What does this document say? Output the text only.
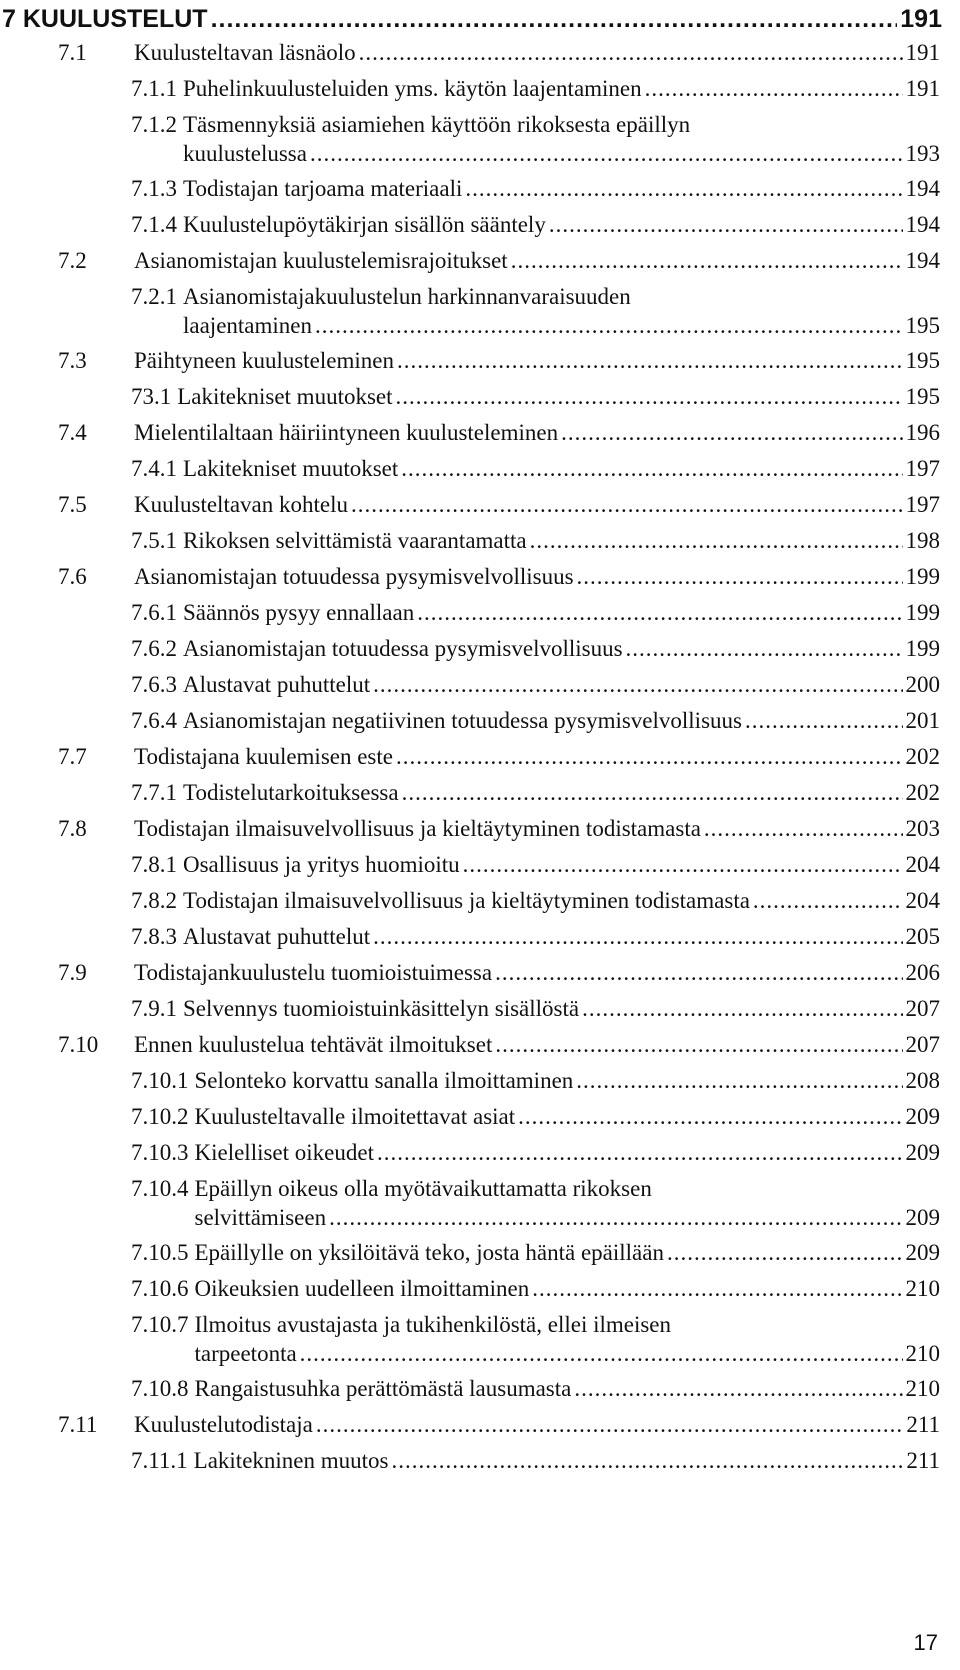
7 KUULUSTELUT .....	191
7.1	Kuulusteltavan läsnäolo .....	191
7.1.1 Puhelinkuulusteluiden yms. käytön laajentaminen .....	191
7.1.2 Täsmennyksiä asiamiehen käyttöön rikoksesta epäillyn
kuulustelussa .....	193
7.1.3 Todistajan tarjoama materiaali .....	194
7.1.4 Kuulustelupöytäkirjan sisällön sääntely .....	194
7.2	Asianomistajan kuulustelemisrajoitukset .....	194
7.2.1 Asianomistajakuulustelun harkinnanvaraisuuden
laajentaminen .....	195
7.3	Päihtyneen kuulusteleminen .....	195
73.1 Lakitekniset muutokset .....	195
7.4	Mielentilaltaan häiriintyneen kuulusteleminen .....	196
7.4.1 Lakitekniset muutokset .....	197
7.5	Kuulusteltavan kohtelu .....	197
7.5.1 Rikoksen selvittämistä vaarantamatta .....	198
7.6	Asianomistajan totuudessa pysymisvelvollisuus .....	199
7.6.1 Säännös pysyy ennallaan .....	199
7.6.2 Asianomistajan totuudessa pysymisvelvollisuus .....	199
7.6.3 Alustavat puhuttelut .....	200
7.6.4 Asianomistajan negatiivinen totuudessa pysymisvelvollisuus .....	201
7.7	Todistajana kuulemisen este .....	202
7.7.1 Todistelutarkoituksessa .....	202
7.8	Todistajan ilmaisuvelvollisuus ja kieltäytyminen todistamasta .....	203
7.8.1 Osallisuus ja yritys huomioitu .....	204
7.8.2 Todistajan ilmaisuvelvollisuus ja kieltäytyminen todistamasta .....	204
7.8.3 Alustavat puhuttelut .....	205
7.9	Todistajankuulustelu tuomioistuimessa .....	206
7.9.1 Selvennys tuomioistuinkäsittelyn sisällöstä .....	207
7.10	Ennen kuulustelua tehtävät ilmoitukset .....	207
7.10.1 Selonteko korvattu sanalla ilmoittaminen .....	208
7.10.2 Kuulusteltavalle ilmoitettavat asiat .....	209
7.10.3 Kielelliset oikeudet .....	209
7.10.4 Epäillyn oikeus olla myötävaikuttamatta rikoksen
selvittämiseen .....	209
7.10.5 Epäillylle on yksilöitävä teko, josta häntä epäillään .....	209
7.10.6 Oikeuksien uudelleen ilmoittaminen .....	210
7.10.7 Ilmoitus avustajasta ja tukihenkilöstä, ellei ilmeisen
tarpeetonta .....	210
7.10.8 Rangaistusuhka perättömästä lausumasta .....	210
7.11	Kuulustelutodistaja .....	211
7.11.1 Lakitekninen muutos .....	211
17
